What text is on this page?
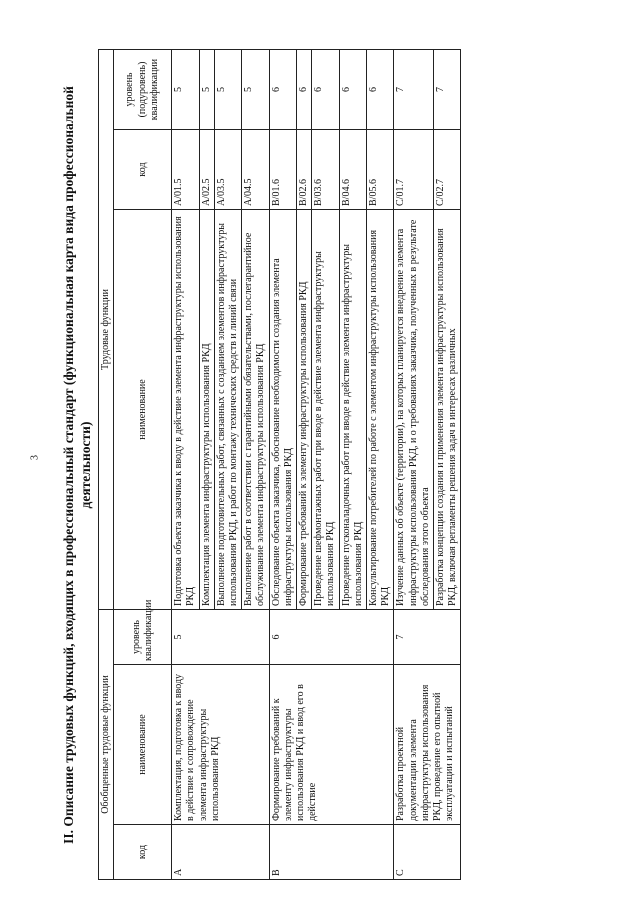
3 II. Описание трудовых функций, входящих в профессиональный стандарт (функциональная карта вида профессиональной деятельности)
Обобщенные трудовые функции			Трудовые функции		
код	наименование	уровень квалификации	наименование	код	уровень (подуровень) квалификации
A	Комплектация, подготовка к вводу в действие и сопровождение элемента инфраструктуры использования РКД	5	Подготовка объекта заказчика к вводу в действие элемента инфраструктуры использования РКД	A/01.5	5
			Комплектация элемента инфраструктуры использования РКД	A/02.5	5
			Выполнение подготовительных работ, связанных с созданием элементов инфраструктуры использования РКД, и работ по монтажу технических средств и линий связи	A/03.5	5
			Выполнение работ в соответствии с гарантийными обязательствами, послегарантийное обслуживание элемента инфраструктуры использования РКД	A/04.5	5
B	Формирование требований к элементу инфраструктуры использования РКД и ввод его в действие	6	Обследование объекта заказчика, обоснование необходимости создания элемента инфраструктуры использования РКД	B/01.6	6
			Формирование требований к элементу инфраструктуры использования РКД	B/02.6	6
			Проведение шефмонтажных работ при вводе в действие элемента инфраструктуры использования РКД	B/03.6	6
			Проведение пусконаладочных работ при вводе в действие элемента инфраструктуры использования РКД	B/04.6	6
			Консультирование потребителей по работе с элементом инфраструктуры использования РКД	B/05.6	6
C	Разработка проектной документации элемента инфраструктуры использования РКД, проведение его опытной эксплуатации и испытаний	7	Изучение данных об объекте (территории), на которых планируется внедрение элемента инфраструктуры использования РКД, и о требованиях заказчика, полученных в результате обследования этого объекта	C/01.7	7
			Разработка концепции создания и применения элемента инфраструктуры использования РКД, включая регламенты решения задач в интересах различных	C/02.7	7
